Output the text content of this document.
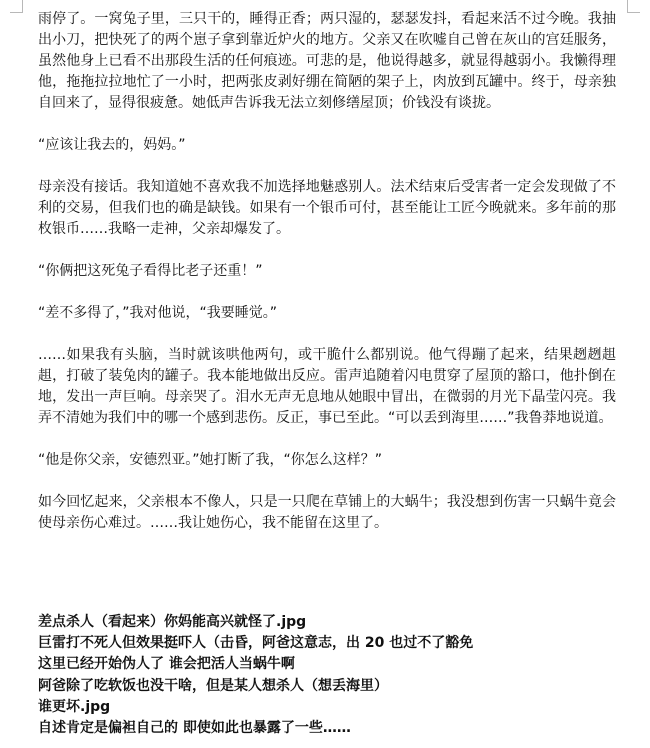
雨停了。一窝兔子里，三只干的，睡得正香；两只湿的，瑟瑟发抖，看起来活不过今晚。我抽出小刀，把快死了的两个崽子拿到靠近炉火的地方。父亲又在吹嘘自己曾在灰山的宫廷服务，虽然他身上已看不出那段生活的任何痕迹。可悲的是，他说得越多，就显得越弱小。我懒得理他，拖拖拉拉地忙了一小时，把两张皮剥好绷在简陋的架子上，肉放到瓦罐中。终于，母亲独自回来了，显得很疲惫。她低声告诉我无法立刻修缮屋顶；价钱没有谈拢。

“应该让我去的，妈妈。”

母亲没有接话。我知道她不喜欢我不加选择地魅惑别人。法术结束后受害者一定会发现做了不利的交易，但我们也的确是缺钱。如果有一个银币可付，甚至能让工匠今晚就来。多年前的那枚银币……我略一走神，父亲却爆发了。

“你俩把这死兔子看得比老子还重！”

“差不多得了，”我对他说，“我要睡觉。”

……如果我有头脑，当时就该哄他两句，或干脆什么都别说。他气得蹦了起来，结果趔趔趄趄，打破了装兔肉的罐子。我本能地做出反应。雷声追随着闪电贯穿了屋顶的豁口，他扑倒在地，发出一声巨响。母亲哭了。泪水无声无息地从她眼中冒出，在微弱的月光下晶莹闪亮。我弄不清她为我们中的哪一个感到悲伤。反正，事已至此。“可以丢到海里……”我鲁莽地说道。

“他是你父亲，安德烈亚。”她打断了我，“你怎么这样？”

如今回忆起来，父亲根本不像人，只是一只爬在草铺上的大蜗牛；我没想到伤害一只蜗牛竟会使母亲伤心难过。……我让她伤心，我不能留在这里了。

差点杀人（看起来）你妈能高兴就怪了.jpg

巨雷打不死人但效果挺吓人（击昏，阿爸这意志，出 20 也过不了豁免

这里已经开始伪人了 谁会把活人当蜗牛啊

阿爸除了吃软饭也没干啥，但是某人想杀人（想丢海里）

谁更坏.jpg

自述肯定是偏袒自己的 即使如此也暴露了一些……
